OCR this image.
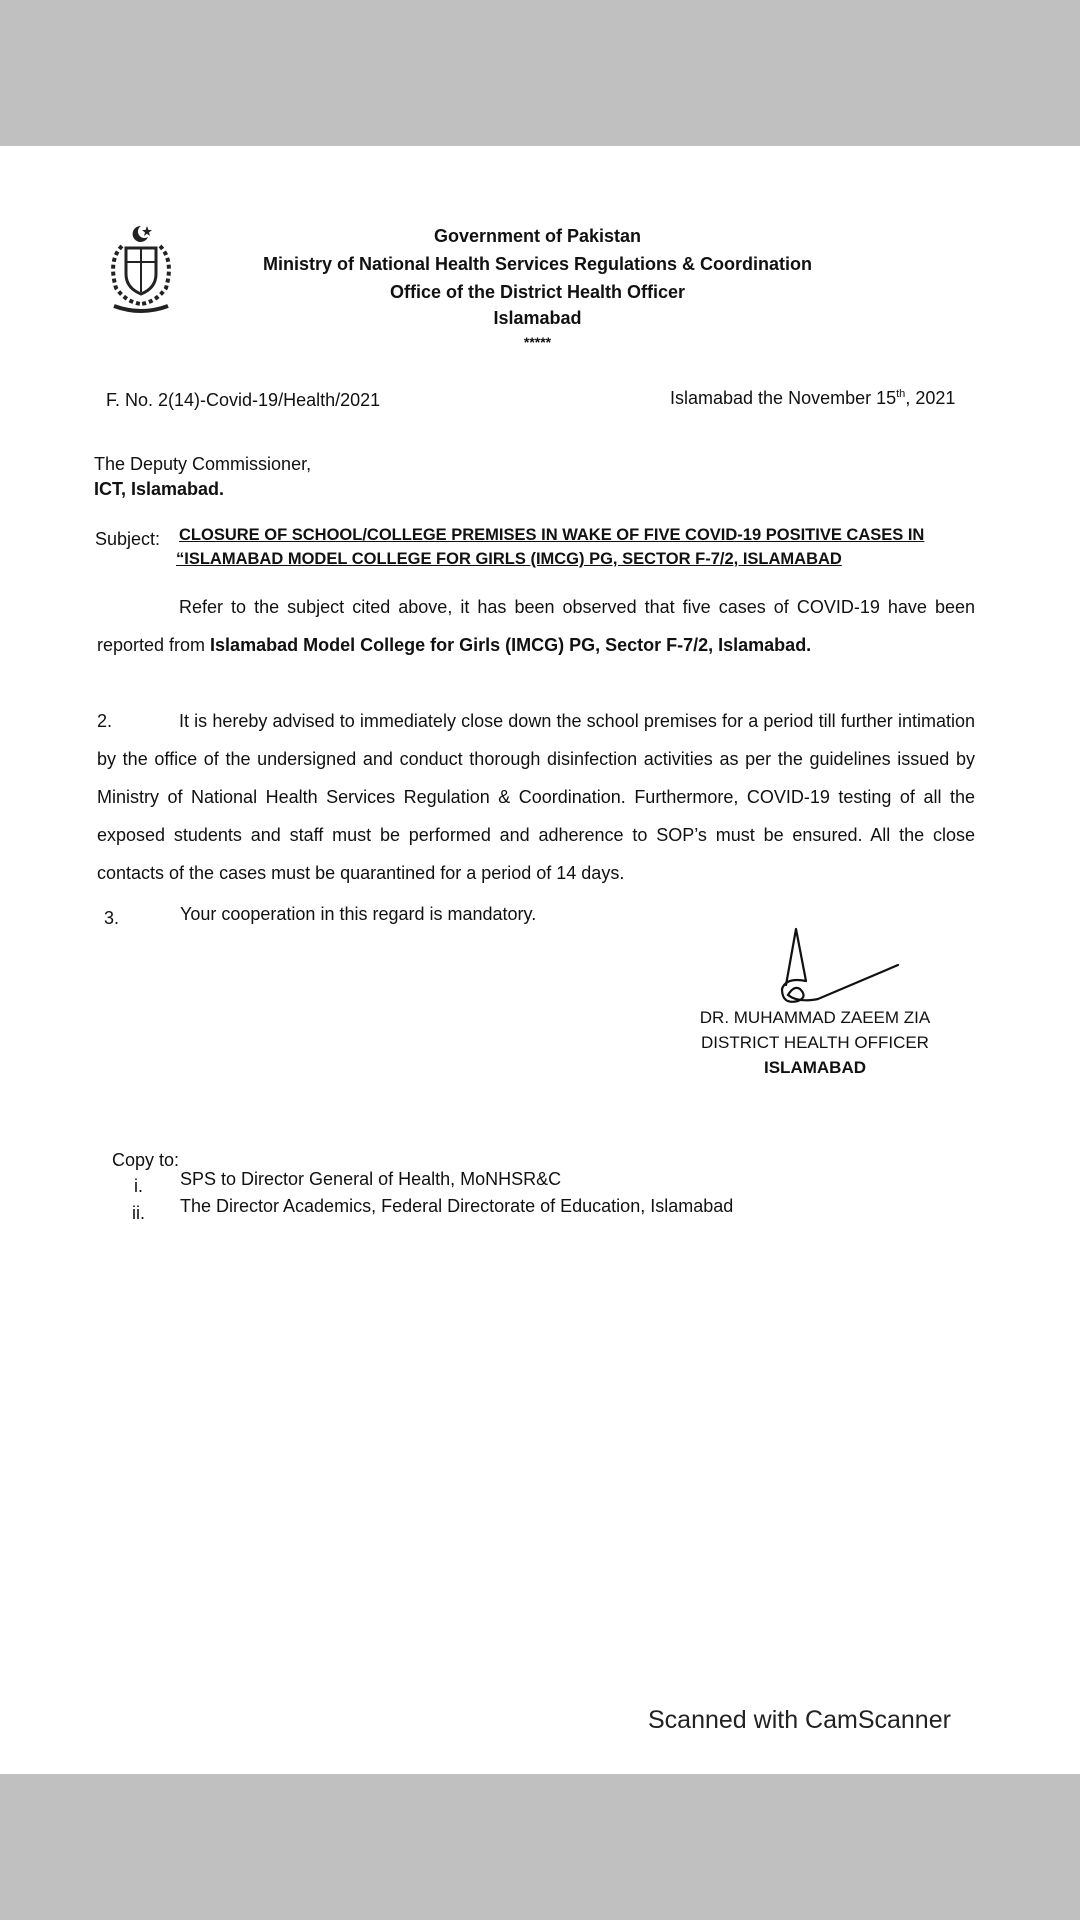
Government of Pakistan
Ministry of National Health Services Regulations & Coordination
Office of the District Health Officer
Islamabad
*****
F. No. 2(14)-Covid-19/Health/2021	Islamabad the November 15th, 2021
The Deputy Commissioner,
ICT, Islamabad.
Subject: CLOSURE OF SCHOOL/COLLEGE PREMISES IN WAKE OF FIVE COVID-19 POSITIVE CASES IN
“ISLAMABAD MODEL COLLEGE FOR GIRLS (IMCG) PG, SECTOR F-7/2, ISLAMABAD
Refer to the subject cited above, it has been observed that five cases of COVID-19 have been reported from Islamabad Model College for Girls (IMCG) PG, Sector F-7/2, Islamabad.
2.	It is hereby advised to immediately close down the school premises for a period till further intimation by the office of the undersigned and conduct thorough disinfection activities as per the guidelines issued by Ministry of National Health Services Regulation & Coordination. Furthermore, COVID-19 testing of all the exposed students and staff must be performed and adherence to SOP’s must be ensured. All the close contacts of the cases must be quarantined for a period of 14 days.
3.	Your cooperation in this regard is mandatory.
DR. MUHAMMAD ZAEEM ZIA
DISTRICT HEALTH OFFICER
ISLAMABAD
Copy to:
i. SPS to Director General of Health, MoNHSR&C
ii. The Director Academics, Federal Directorate of Education, Islamabad
Scanned with CamScanner
